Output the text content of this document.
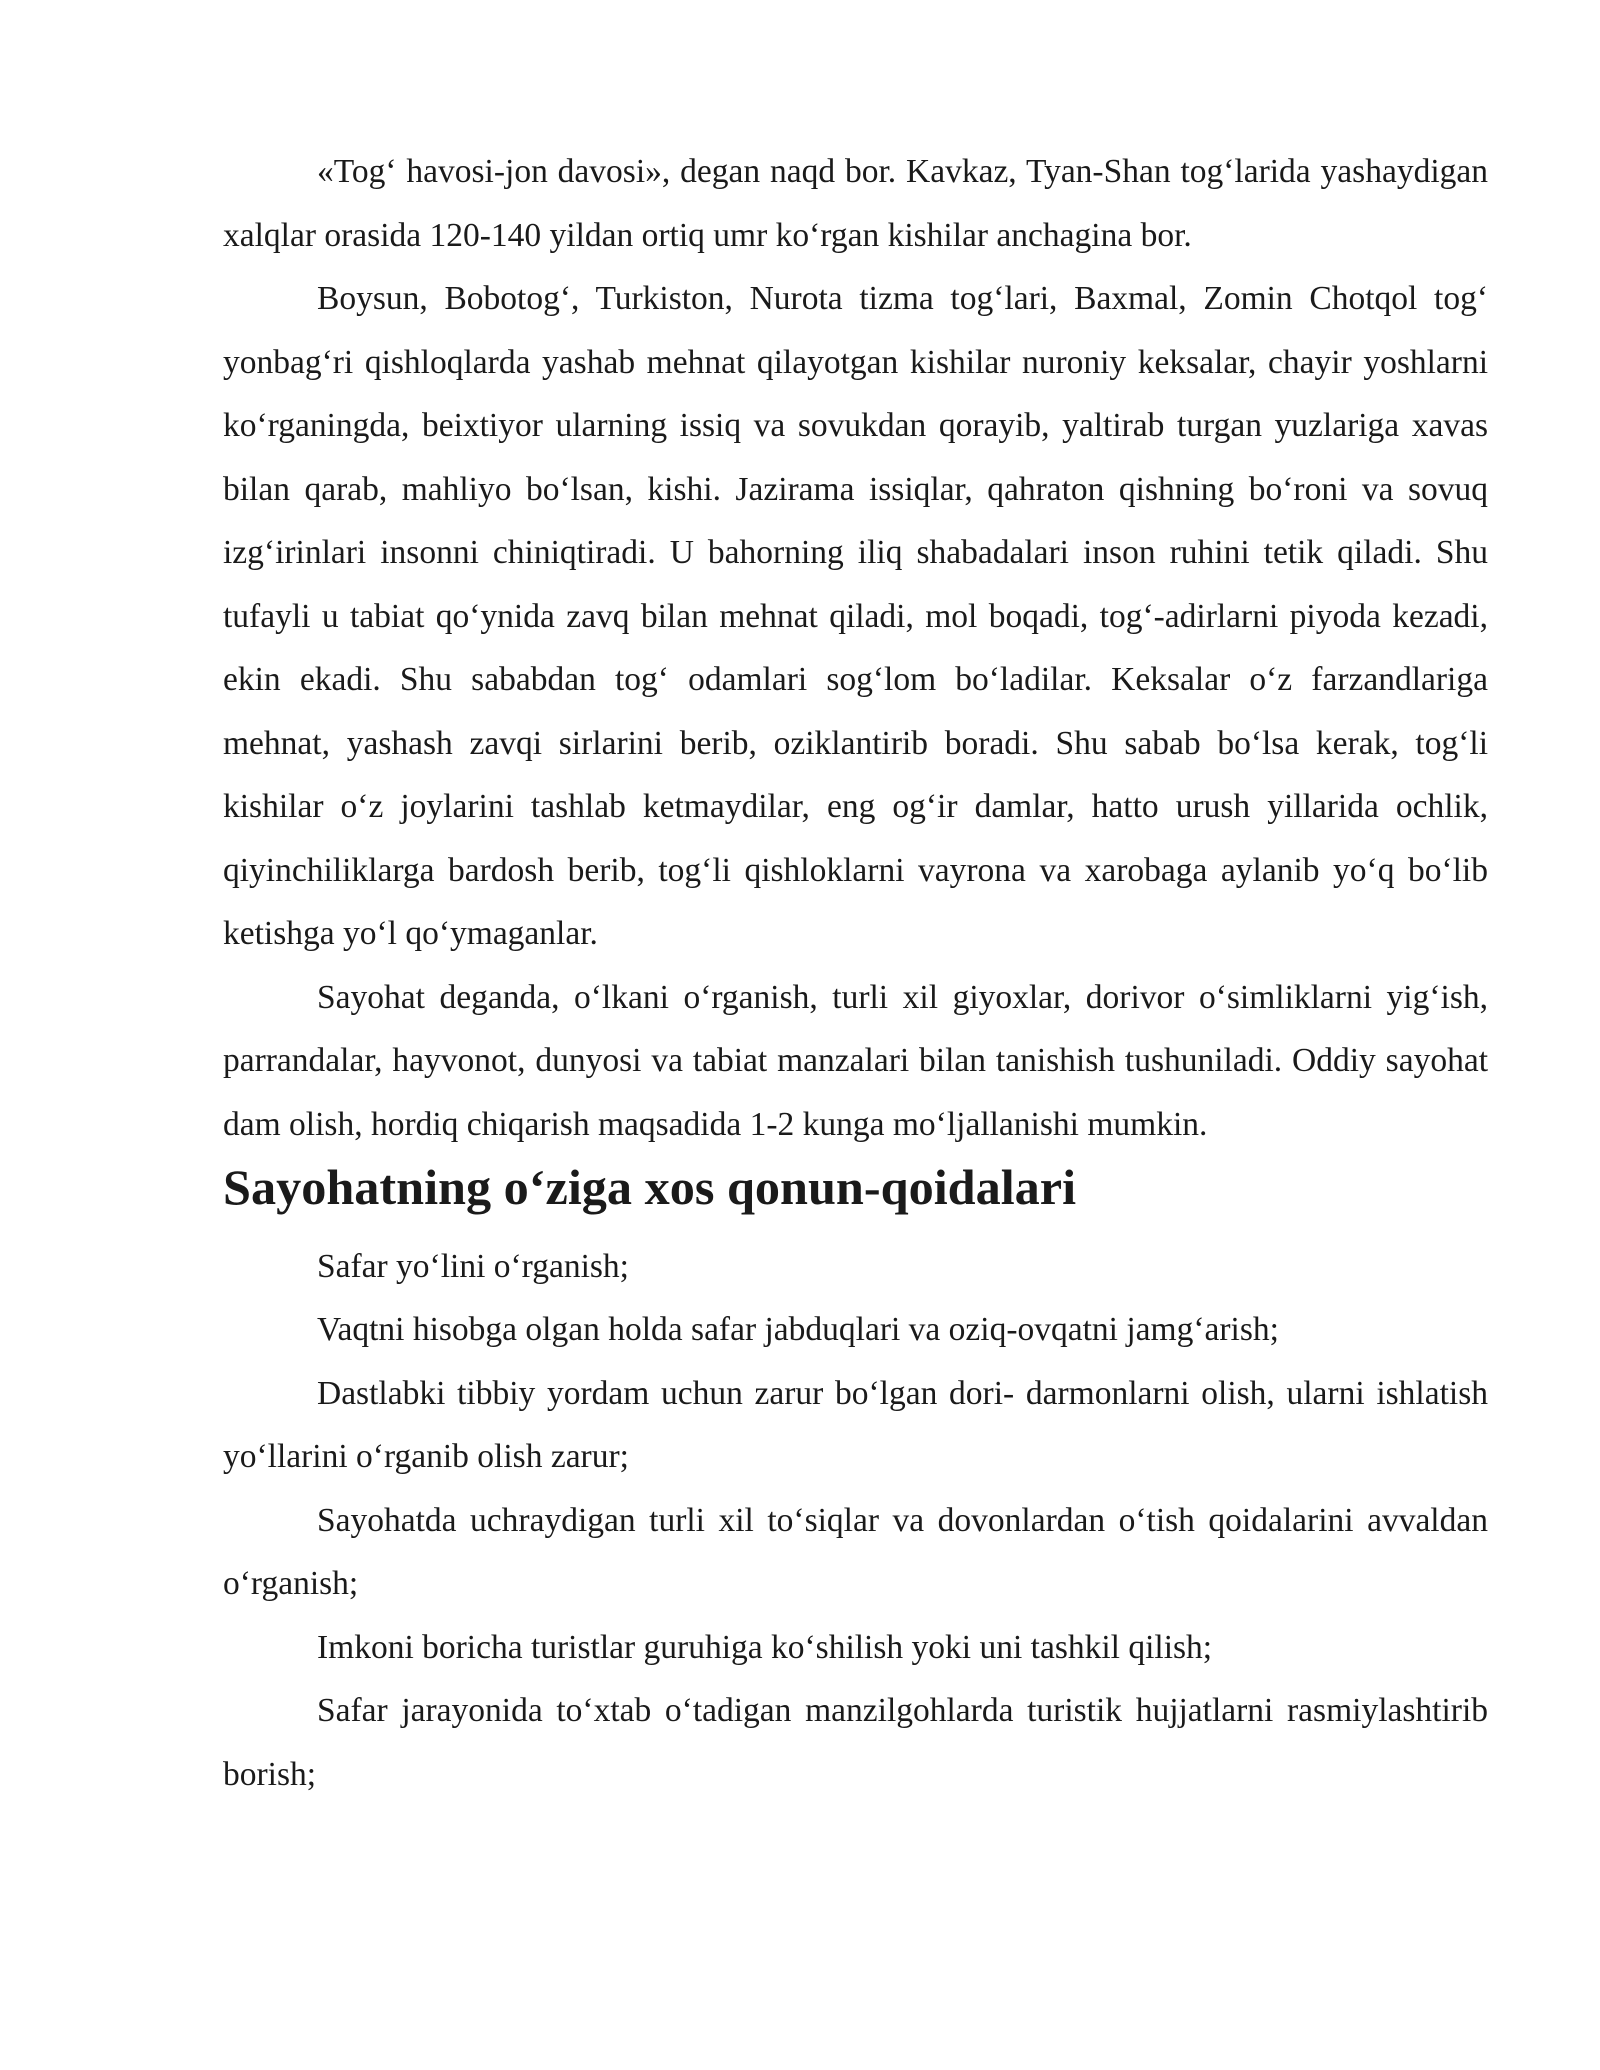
«Tog‘ havosi-jon davosi», degan naqd bor. Kavkaz, Tyan-Shan tog‘larida yashaydigan xalqlar orasida 120-140 yildan ortiq umr ko‘rgan kishilar anchagina bor.

Boysun, Bobotog‘, Turkiston, Nurota tizma tog‘lari, Baxmal, Zomin Chotqol tog‘ yonbag‘ri qishloqlarda yashab mehnat qilayotgan kishilar nuroniy keksalar, chayir yoshlarni ko‘rganingda, beixtiyor ularning issiq va sovukdan qorayib, yaltirab turgan yuzlariga xavas bilan qarab, mahliyo bo‘lsan, kishi. Jazirama issiqlar, qahraton qishning bo‘roni va sovuq izg‘irinlari insonni chiniqtiradi. U bahorning iliq shabadalari inson ruhini tetik qiladi. Shu tufayli u tabiat qo‘ynida zavq bilan mehnat qiladi, mol boqadi, tog‘-adirlarni piyoda kezadi, ekin ekadi. Shu sababdan tog‘ odamlari sog‘lom bo‘ladilar. Keksalar o‘z farzandlariga mehnat, yashash zavqi sirlarini berib, oziklantirib boradi. Shu sabab bo‘lsa kerak, tog‘li kishilar o‘z joylarini tashlab ketmaydilar, eng og‘ir damlar, hatto urush yillarida ochlik, qiyinchiliklarga bardosh berib, tog‘li qishloklarni vayrona va xarobaga aylanib yo‘q bo‘lib ketishga yo‘l qo‘ymaganlar.

Sayohat deganda, o‘lkani o‘rganish, turli xil giyoxlar, dorivor o‘simliklarni yig‘ish, parrandalar, hayvonot, dunyosi va tabiat manzalari bilan tanishish tushuniladi. Oddiy sayohat dam olish, hordiq chiqarish maqsadida 1-2 kunga mo‘ljallanishi mumkin.

Sayohatning o‘ziga xos qonun-qoidalari

Safar yo‘lini o‘rganish;

Vaqtni hisobga olgan holda safar jabduqlari va oziq-ovqatni jamg‘arish;

Dastlabki tibbiy yordam uchun zarur bo‘lgan dori- darmonlarni olish, ularni ishlatish yo‘llarini o‘rganib olish zarur;

Sayohatda uchraydigan turli xil to‘siqlar va dovonlardan o‘tish qoidalarini avvaldan o‘rganish;

Imkoni boricha turistlar guruhiga ko‘shilish yoki uni tashkil qilish;

Safar jarayonida to‘xtab o‘tadigan manzilgohlarda turistik hujjatlarni rasmiylashtirib borish;
